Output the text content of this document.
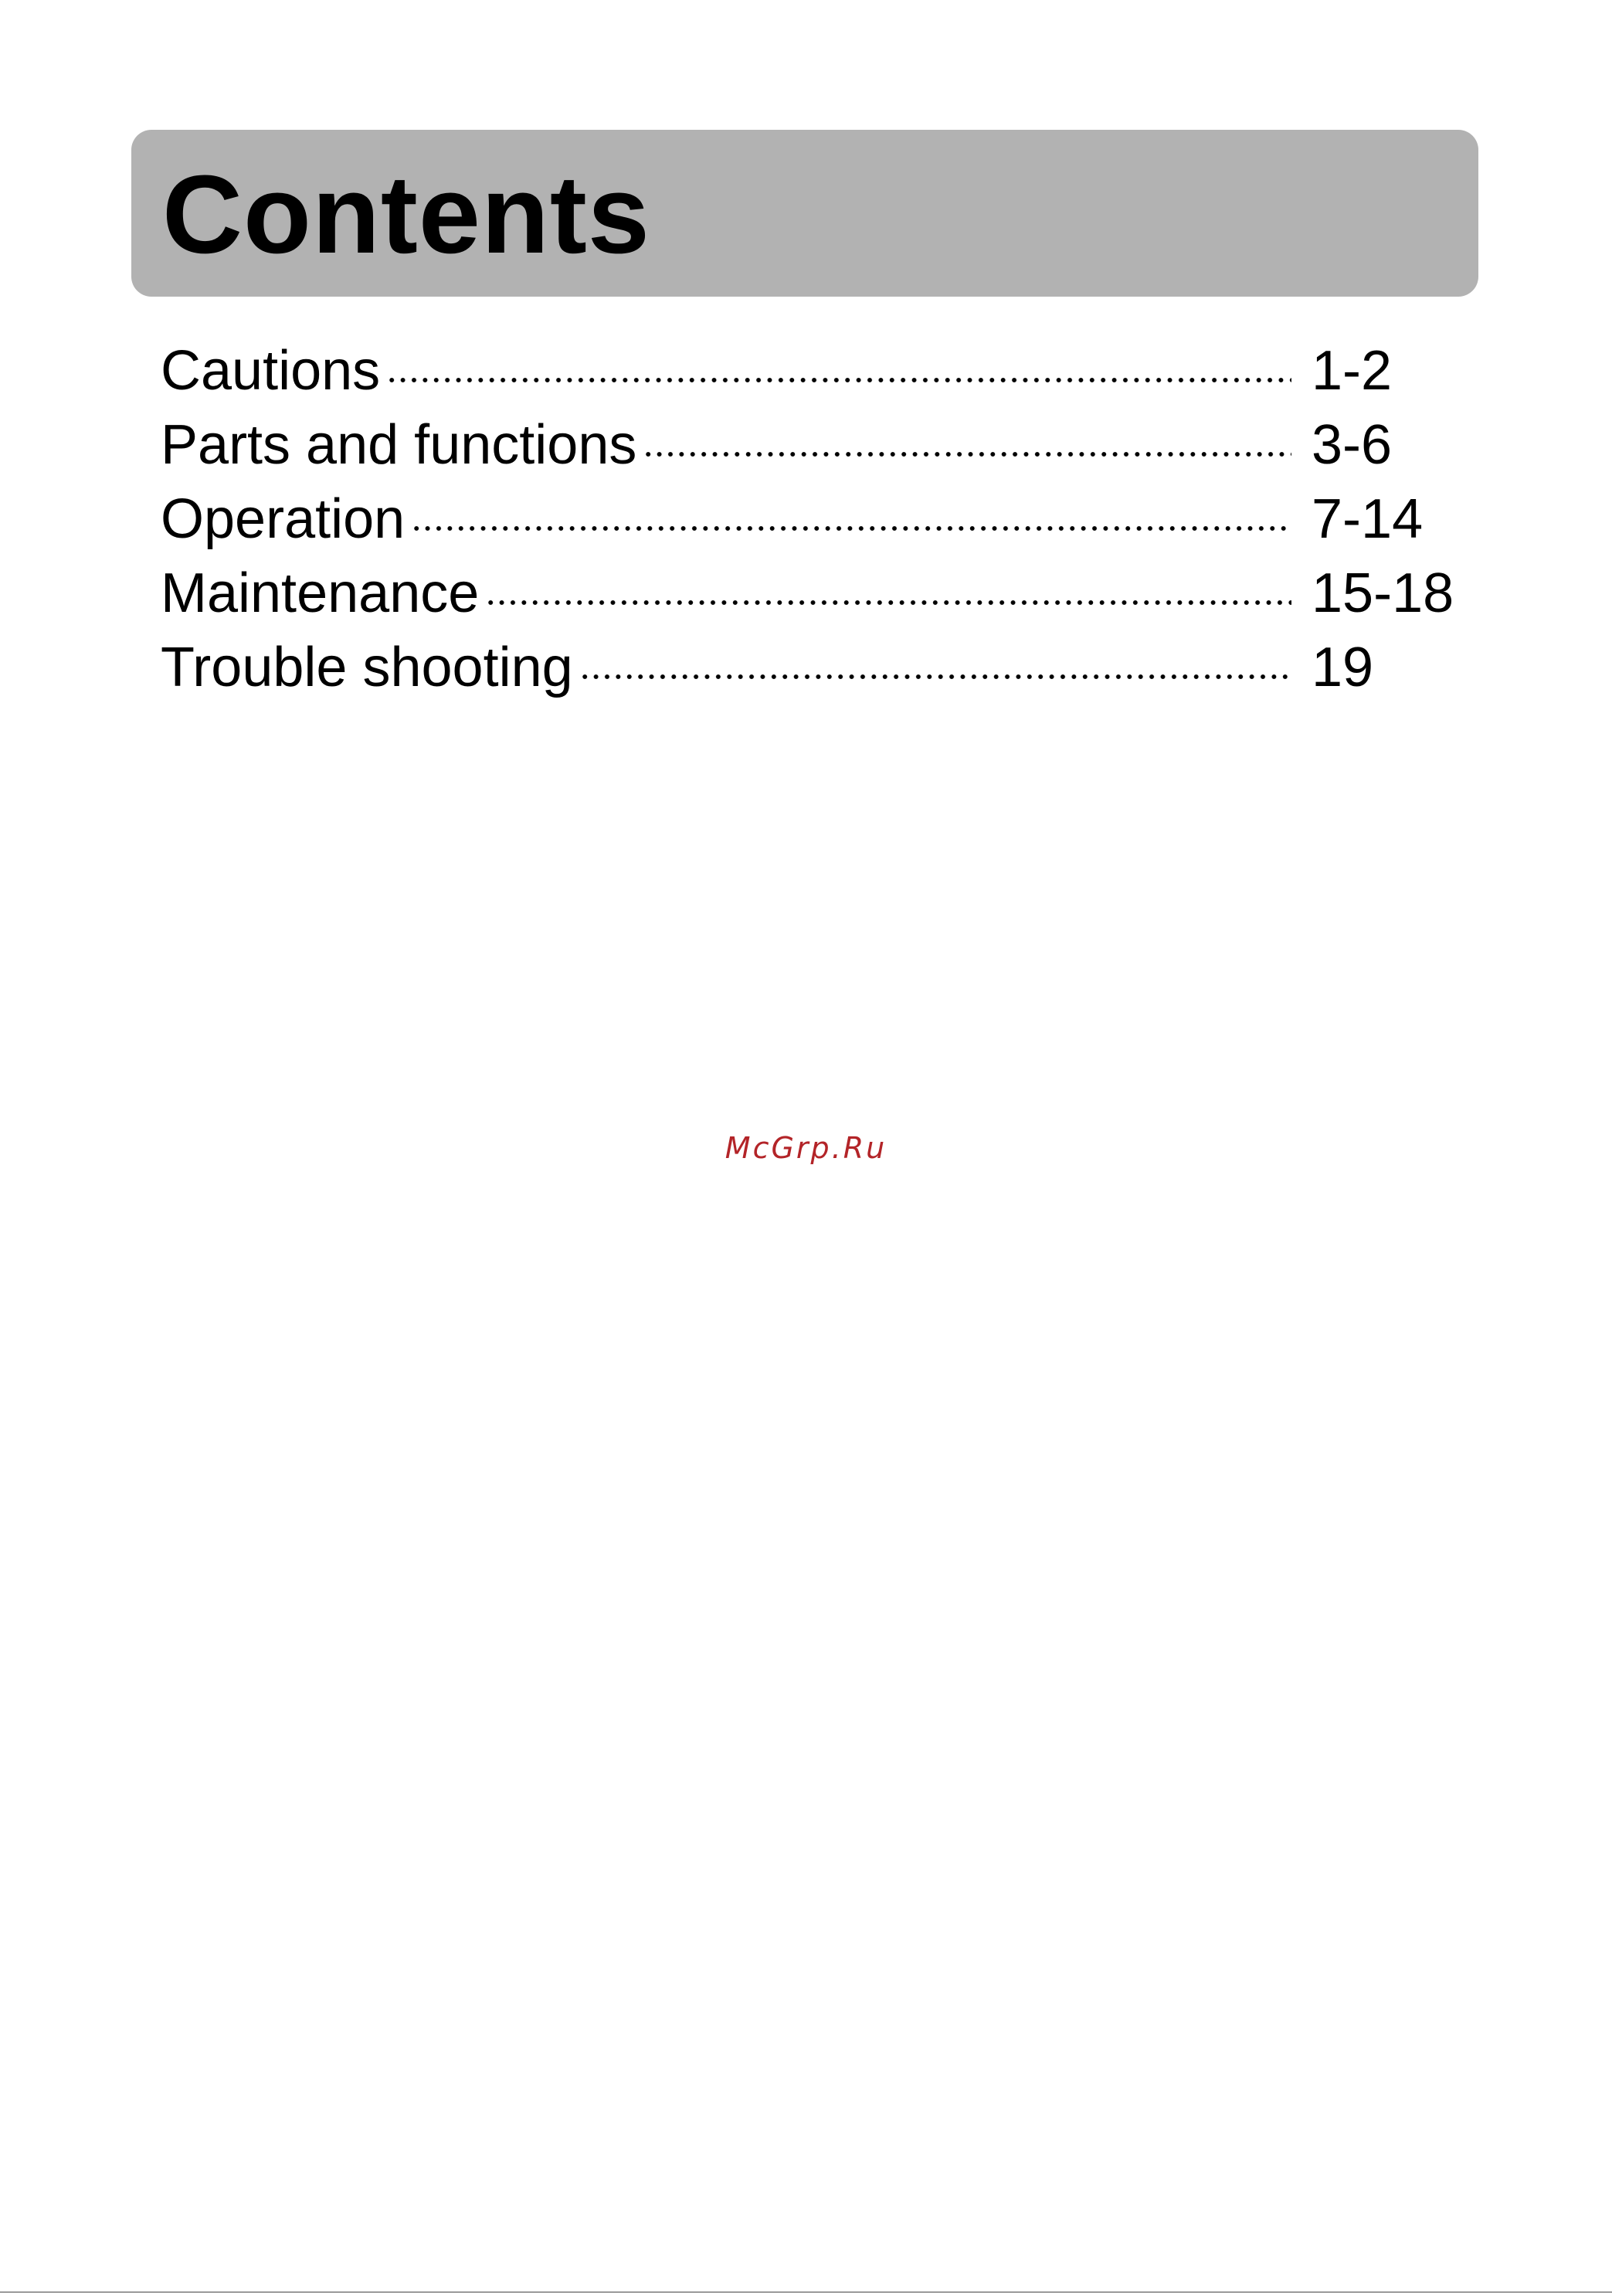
Contents
Cautions	1-2
Parts and functions	3-6
Operation	7-14
Maintenance	15-18
Trouble shooting	19
McGrp.Ru
